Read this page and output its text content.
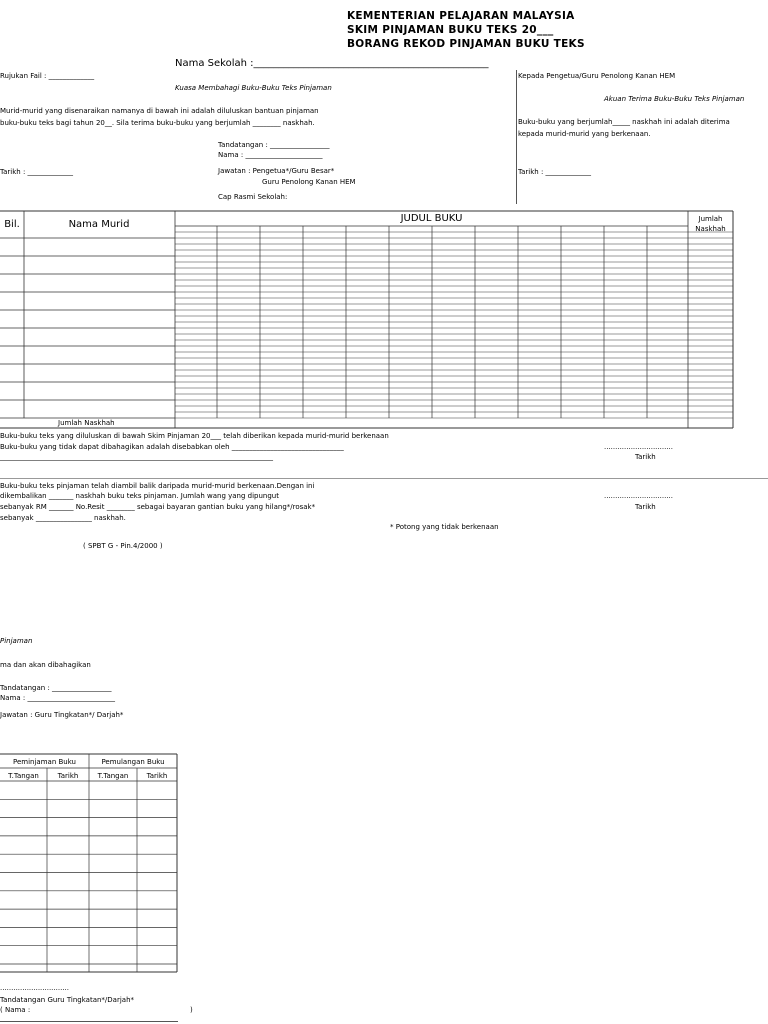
KEMENTERIAN PELAJARAN MALAYSIA
SKIM PINJAMAN BUKU TEKS 20___
BORANG REKOD PINJAMAN BUKU TEKS
Nama Sekolah :_______________________________________________
Rujukan Fail : _____________
Kuasa Membahagi Buku-Buku Teks Pinjaman
Murid-murid yang disenaraikan namanya di bawah ini adalah diluluskan bantuan pinjaman
buku-buku teks bagi tahun 20__. Sila terima buku-buku yang berjumlah ________ naskhah.
Tandatangan : _________________
Nama : ______________________
Tarikh : _____________	Jawatan : Pengetua*/Guru Besar*
Guru Penolong Kanan HEM
Cap Rasmi Sekolah:
Kepada Pengetua/Guru Penolong Kanan HEM
Akuan Terima Buku-Buku Teks Pinjaman
Buku-buku yang berjumlah_____ naskhah ini adalah diterima
kepada murid-murid yang berkenaan.
Tarikh : _____________
Bil.	Nama Murid
JUDUL BUKU	Jumlah
Naskhah
Jumlah Naskhah
Buku-buku teks yang diluluskan di bawah Skim Pinjaman 20___ telah diberikan kepada murid-murid berkenaan
Buku-buku yang tidak dapat dibahagikan adalah disebabkan oleh ________________________________
______________________________________________________________________________
...............................
Tarikh
Buku-buku teks pinjaman telah diambil balik daripada murid-murid berkenaan.Dengan ini
dikembalikan _______ naskhah buku teks pinjaman. Jumlah wang yang dipungut
sebanyak RM _______ No.Resit ________ sebagai bayaran gantian buku yang hilang*/rosak*
sebanyak ________________ naskhah.
...............................
Tarikh
* Potong yang tidak berkenaan
( SPBT G - Pin.4/2000 )
Pinjaman
ma dan akan dibahagikan
Tandatangan : _________________
Nama : _________________________
Jawatan : Guru Tingkatan*/ Darjah*
Peminjaman Buku	Pemulangan Buku
T.Tangan	Tarikh	T.Tangan	Tarikh
...............................
Tandatangan Guru Tingkatan*/Darjah*
( Nama :	)
